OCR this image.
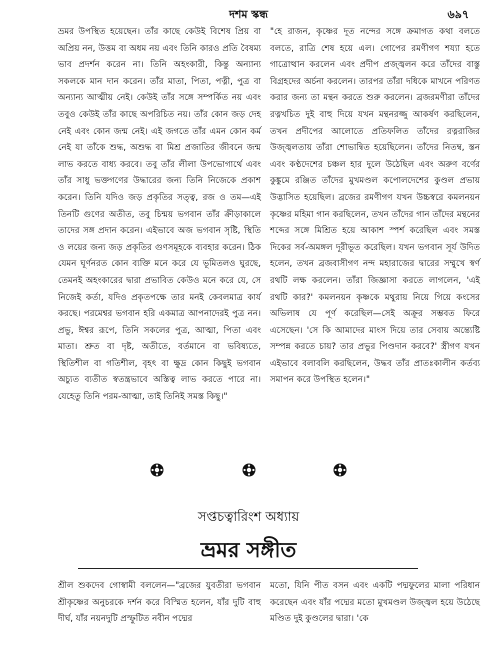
দশম স্কন্ধ	৬৯৭

ভ্রমর উপস্থিত হয়েছেন। তাঁর কাছে কেউই বিশেষ প্রিয় বা অপ্রিয় নন, উত্তম বা অধম নয় এবং তিনি কারও প্রতি বৈষম্য ভাব প্রদর্শন করেন না। তিনি অহংকারী, কিন্তু অন্যান্য সকলকে মান দান করেন। তাঁর মাতা, পিতা, পত্নী, পুত্র বা অন্যান্য আত্মীয় নেই। কেউই তাঁর সঙ্গে সম্পর্কিত নয় এবং তবুও কেউই তাঁর কাছে অপরিচিত নয়। তাঁর কোন জড় দেহ নেই এবং কোন জন্ম নেই। এই জগতে তাঁর এমন কোন কর্ম নেই যা তাঁকে শুদ্ধ, অশুদ্ধ বা মিশ্র প্রজাতির জীবনে জন্ম লাভ করতে বাধ্য করবে। তবু তাঁর লীলা উপভোগার্থে এবং তাঁর সাধু ভক্তগণের উদ্ধারের জন্য তিনি নিজেকে প্রকাশ করেন। তিনি যদিও জড় প্রকৃতির সত্ত্ব, রজ ও তম—এই তিনটি গুণের অতীত, তবু চিন্ময় ভগবান তাঁর ক্রীড়াকালে তাদের সঙ্গ প্রদান করেন। এইভাবে অজ ভগবান সৃষ্টি, স্থিতি ও লয়ের জন্য জড় প্রকৃতির গুণসমূহকে ব্যবহার করেন। ঠিক যেমন ঘূর্ণনরত কোন ব্যক্তি মনে করে যে ভূমিতলও ঘুরছে, তেমনই অহংকারের দ্বারা প্রভাবিত কেউও মনে করে যে, সে নিজেই কর্তা, যদিও প্রকৃতপক্ষে তার মনই কেবলমাত্র কার্য করছে। পরমেশ্বর ভগবান হরি একমাত্র আপনাদেরই পুত্র নন। প্রভু, ঈশ্বর রূপে, তিনি সকলের পুত্র, আত্মা, পিতা এবং মাতা। শ্রুত বা দৃষ্ট, অতীতে, বর্তমানে বা ভবিষ্যতে, স্থিতিশীল বা গতিশীল, বৃহৎ বা ক্ষুদ্র কোন কিছুই ভগবান অচ্যুত ব্যতীত স্বতন্ত্রভাবে অস্তিত্ব লাভ করতে পারে না। যেহেতু তিনি পরম-আত্মা, তাই তিনিই সমস্ত কিছু।"

"হে রাজন, কৃষ্ণের দূত নন্দের সঙ্গে ক্রমাগত কথা বলতে বলতে, রাত্রি শেষ হয়ে এল। গোপের রমণীগণ শয্যা হতে গাত্রোত্থান করলেন এবং প্রদীপ প্রজ্জ্বলন করে তাঁদের বাস্তু বিগ্রহদের অর্চনা করলেন। তারপর তাঁরা দধিকে মাখনে পরিণত করার জন্য তা মন্থন করতে শুরু করলেন। ব্রজরমণীরা তাঁদের রত্নখচিত দুই বাহু দিয়ে যখন মন্থনরজ্জু আকর্ষণ করছিলেন, তখন প্রদীপের আলোতে প্রতিফলিত তাঁদের রত্নরাজির উজ্জ্বলতায় তাঁরা শোভান্বিত হয়েছিলেন। তাঁদের নিতম্ব, স্তন এবং কণ্ঠদেশের চঞ্চল হার দুলে উঠেছিল এবং অরুণ বর্ণের কুঙ্কুমে রঞ্জিত তাঁদের মুখমণ্ডল কপোলদেশের কুণ্ডল প্রভায় উদ্ভাসিত হয়েছিল। ব্রজের রমণীগণ যখন উচ্চস্বরে কমলনয়ন কৃষ্ণের মহিমা গান করছিলেন, তখন তাঁদের গান তাঁদের মন্থনের শব্দের সঙ্গে মিশ্রিত হয়ে আকাশ স্পর্শ করেছিল এবং সমস্ত দিকের সর্ব-অমঙ্গল দূরীভূত করেছিল। যখন ভগবান সূর্য উদিত হলেন, তখন ব্রজবাসীগণ নন্দ মহারাজের দ্বারের সম্মুখে স্বর্ণ রথটি লক্ষ করলেন। তাঁরা জিজ্ঞাসা করতে লাগলেন, 'এই রথটি কার?' কমলনয়ন কৃষ্ণকে মথুরায় নিয়ে গিয়ে কংসের অভিলাষ যে পূর্ণ করেছিল—সেই অক্রূর সম্ভবত ফিরে এসেছেন। 'সে কি আমাদের মাংস দিয়ে তার সেবায় অন্ত্যেষ্টি সম্পন্ন করতে চায়? তার প্রভুর পিণ্ডদান করবে?' স্ত্রীগণ যখন এইভাবে বলাবলি করছিলেন, উদ্ধব তাঁর প্রাতঃকালীন কর্তব্য সমাপন করে উপস্থিত হলেন।"

সপ্তচত্বারিংশ অধ্যায়
ভ্রমর সঙ্গীত

শ্রীল শুকদেব গোস্বামী বললেন—"ব্রজের যুবতীরা ভগবান শ্রীকৃষ্ণের অনুচরকে দর্শন করে বিস্মিত হলেন, যাঁর দুটি বাহু দীর্ঘ, যাঁর নয়নদুটি প্রস্ফুটিত নবীন পদ্মের

মতো, যিনি পীত বসন এবং একটি পদ্মফুলের মালা পরিধান করেছেন এবং যাঁর পদ্মের মতো মুখমণ্ডল উজ্জ্বল হয়ে উঠেছে মণ্ডিত দুই কুণ্ডলের দ্বারা। 'কে
